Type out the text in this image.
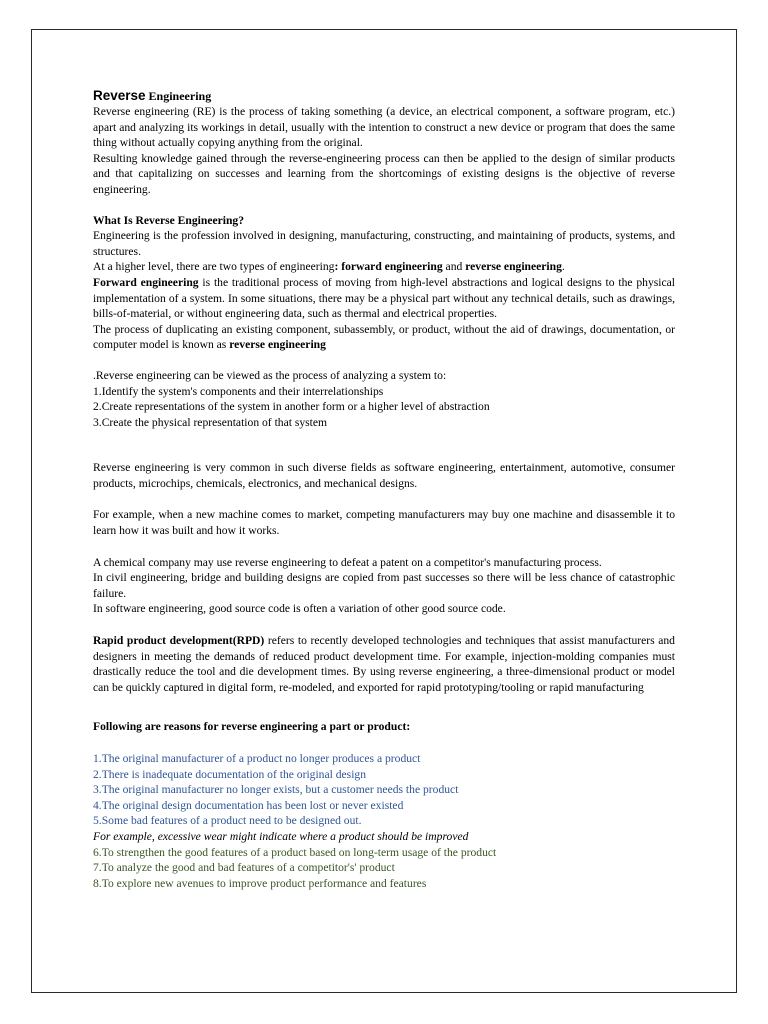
Reverse Engineering

Reverse engineering (RE) is the process of taking something (a device, an electrical component, a software program, etc.) apart and analyzing its workings in detail, usually with the intention to construct a new device or program that does the same thing without actually copying anything from the original.

Resulting knowledge gained through the reverse-engineering process can then be applied to the design of similar products and that capitalizing on successes and learning from the shortcomings of existing designs is the objective of reverse engineering.

What Is Reverse Engineering?

Engineering is the profession involved in designing, manufacturing, constructing, and maintaining of products, systems, and structures.

At a higher level, there are two types of engineering: forward engineering and reverse engineering.

Forward engineering is the traditional process of moving from high-level abstractions and logical designs to the physical implementation of a system. In some situations, there may be a physical part without any technical details, such as drawings, bills-of-material, or without engineering data, such as thermal and electrical properties.

The process of duplicating an existing component, subassembly, or product, without the aid of drawings, documentation, or computer model is known as reverse engineering

.Reverse engineering can be viewed as the process of analyzing a system to:

1.Identify the system's components and their interrelationships
2.Create representations of the system in another form or a higher level of abstraction
3.Create the physical representation of that system

Reverse engineering is very common in such diverse fields as software engineering, entertainment, automotive, consumer products, microchips, chemicals, electronics, and mechanical designs.

For example, when a new machine comes to market, competing manufacturers may buy one machine and disassemble it to learn how it was built and how it works.

A chemical company may use reverse engineering to defeat a patent on a competitor's manufacturing process.

In civil engineering, bridge and building designs are copied from past successes so there will be less chance of catastrophic failure.

In software engineering, good source code is often a variation of other good source code.

Rapid product development(RPD) refers to recently developed technologies and techniques that assist manufacturers and designers in meeting the demands of reduced product development time. For example, injection-molding companies must drastically reduce the tool and die development times. By using reverse engineering, a three-dimensional product or model can be quickly captured in digital form, re-modeled, and exported for rapid prototyping/tooling or rapid manufacturing

Following are reasons for reverse engineering a part or product:

1.The original manufacturer of a product no longer produces a product
2.There is inadequate documentation of the original design
3.The original manufacturer no longer exists, but a customer needs the product
4.The original design documentation has been lost or never existed
5.Some bad features of a product need to be designed out.
For example, excessive wear might indicate where a product should be improved
6.To strengthen the good features of a product based on long-term usage of the product
7.To analyze the good and bad features of a competitor's' product
8.To explore new avenues to improve product performance and features
